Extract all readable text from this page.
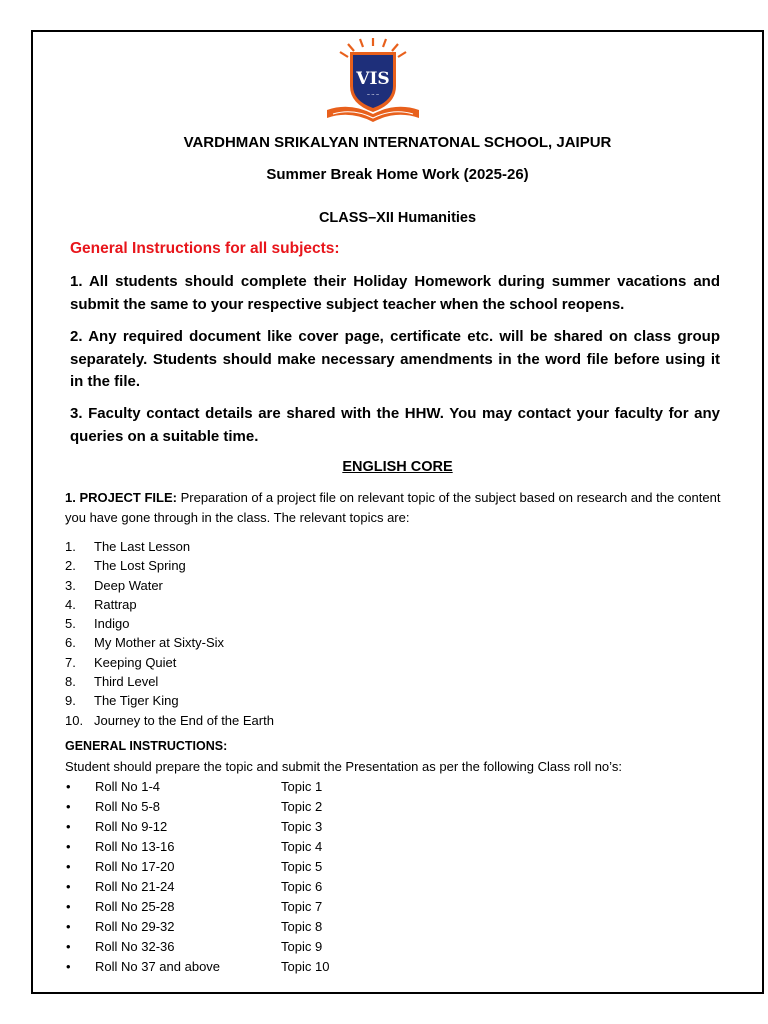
VIS
~ ~ ~
VARDHMAN SRIKALYAN INTERNATONAL SCHOOL, JAIPUR
Summer Break Home Work (2025-26)
CLASS–XII Humanities
General Instructions for all subjects:
1. All students should complete their Holiday Homework during summer vacations and submit the same to your respective subject teacher when the school reopens.
2. Any required document like cover page, certificate etc. will be shared on class group separately. Students should make necessary amendments in the word file before using it in the file.
3. Faculty contact details are shared with the HHW. You may contact your faculty for any queries on a suitable time.
ENGLISH CORE
1. PROJECT FILE: Preparation of a project file on relevant topic of the subject based on research and the content you have gone through in the class. The relevant topics are:
1. The Last Lesson
2. The Lost Spring
3. Deep Water
4. Rattrap
5. Indigo
6. My Mother at Sixty-Six
7. Keeping Quiet
8. Third Level
9. The Tiger King
10. Journey to the End of the Earth
GENERAL INSTRUCTIONS:
Student should prepare the topic and submit the Presentation as per the following Class roll no’s:
• Roll No 1-4	Topic 1
• Roll No 5-8	Topic 2
• Roll No 9-12	Topic 3
• Roll No 13-16	Topic 4
• Roll No 17-20	Topic 5
• Roll No 21-24	Topic 6
• Roll No 25-28	Topic 7
• Roll No 29-32	Topic 8
• Roll No 32-36	Topic 9
• Roll No 37 and above	Topic 10
